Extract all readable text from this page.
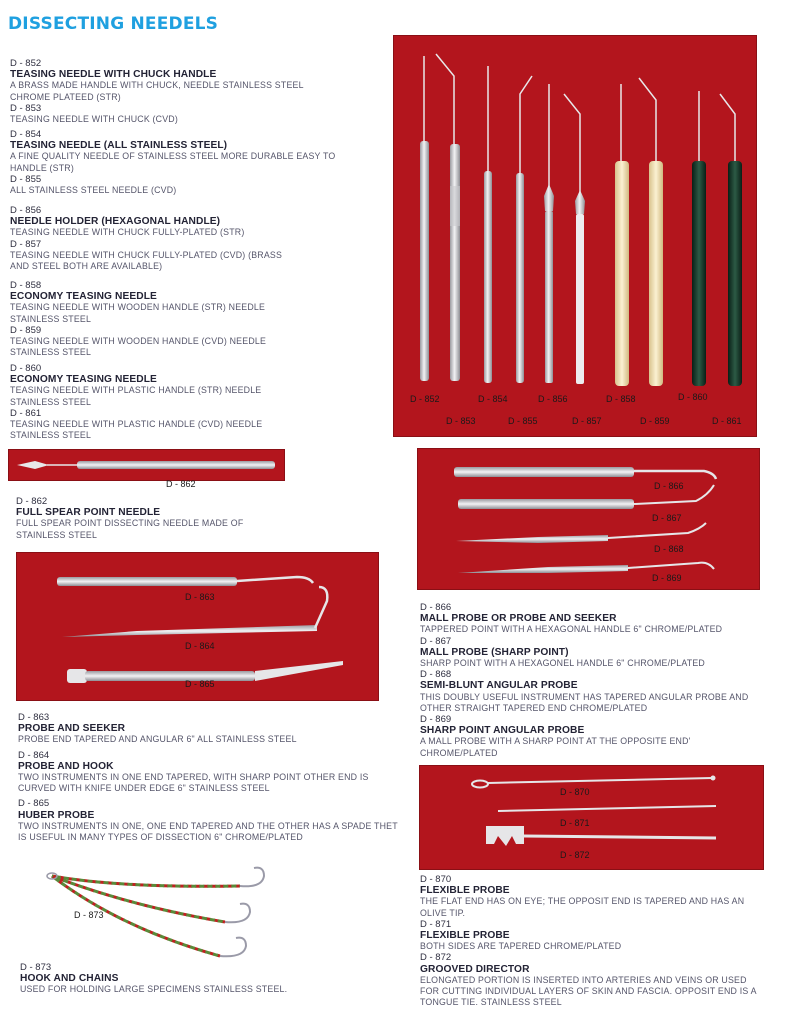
DISSECTING NEEDELS
D - 852
TEASING NEEDLE WITH CHUCK HANDLE
A BRASS MADE HANDLE WITH CHUCK, NEEDLE STAINLESS STEEL CHROME PLATEED (STR)
D - 853
TEASING NEEDLE WITH CHUCK (CVD)
D - 854
TEASING NEEDLE (ALL STAINLESS STEEL)
A FINE QUALITY NEEDLE OF STAINLESS STEEL MORE DURABLE EASY TO HANDLE (STR)
D - 855
ALL STAINLESS STEEL NEEDLE (CVD)
D - 856
NEEDLE HOLDER (HEXAGONAL HANDLE)
TEASING NEEDLE WITH CHUCK FULLY-PLATED (STR)
D - 857
TEASING NEEDLE WITH CHUCK FULLY-PLATED (CVD) (BRASS AND STEEL BOTH ARE AVAILABLE)
D - 858
ECONOMY TEASING NEEDLE
TEASING NEEDLE WITH WOODEN HANDLE (STR) NEEDLE STAINLESS STEEL
D - 859
TEASING NEEDLE WITH WOODEN HANDLE (CVD) NEEDLE STAINLESS STEEL
D - 860
ECONOMY TEASING NEEDLE
TEASING NEEDLE WITH PLASTIC HANDLE (STR) NEEDLE STAINLESS STEEL
D - 861
TEASING NEEDLE WITH PLASTIC HANDLE (CVD) NEEDLE STAINLESS STEEL
D - 862
FULL SPEAR POINT NEEDLE
FULL SPEAR POINT DISSECTING NEEDLE MADE OF STAINLESS STEEL
D - 863
PROBE AND SEEKER
PROBE END TAPERED AND ANGULAR 6" ALL STAINLESS STEEL
D - 864
PROBE AND HOOK
TWO INSTRUMENTS IN ONE END TAPERED, WITH SHARP POINT OTHER END IS CURVED WITH KNIFE UNDER EDGE 6" STAINLESS STEEL
D - 865
HUBER PROBE
TWO INSTRUMENTS IN ONE, ONE END TAPERED AND THE OTHER HAS A SPADE THET IS USEFUL IN MANY TYPES OF DISSECTION 6" CHROME/PLATED
D - 873
HOOK AND CHAINS
USED FOR HOLDING LARGE SPECIMENS STAINLESS STEEL.
D - 866
MALL PROBE OR PROBE AND SEEKER
TAPPERED POINT WITH A HEXAGONAL HANDLE 6" CHROME/PLATED
D - 867
MALL PROBE (SHARP POINT)
SHARP POINT WITH A HEXAGONEL HANDLE 6" CHROME/PLATED
D - 868
SEMI-BLUNT ANGULAR PROBE
THIS DOUBLY USEFUL INSTRUMENT HAS TAPERED ANGULAR PROBE AND OTHER STRAIGHT TAPERED END CHROME/PLATED
D - 869
SHARP POINT ANGULAR PROBE
A MALL PROBE WITH A SHARP POINT AT THE OPPOSITE END' CHROME/PLATED
D - 870
FLEXIBLE PROBE
THE FLAT END HAS ON EYE; THE OPPOSIT END IS TAPERED AND HAS AN OLIVE TIP.
D - 871
FLEXIBLE PROBE
BOTH SIDES ARE TAPERED CHROME/PLATED
D - 872
GROOVED DIRECTOR
ELONGATED PORTION IS INSERTED INTO ARTERIES AND VEINS OR USED FOR CUTTING INDIVIDUAL LAYERS OF SKIN AND FASCIA. OPPOSIT END IS A TONGUE TIE. STAINLESS STEEL
D - 852
D - 853
D - 854
D - 855
D - 856
D - 857
D - 858
D - 859
D - 860
D - 861
D - 862
D - 863
D - 864
D - 865
D - 866
D - 867
D - 868
D - 869
D - 870
D - 871
D - 872
D - 873
